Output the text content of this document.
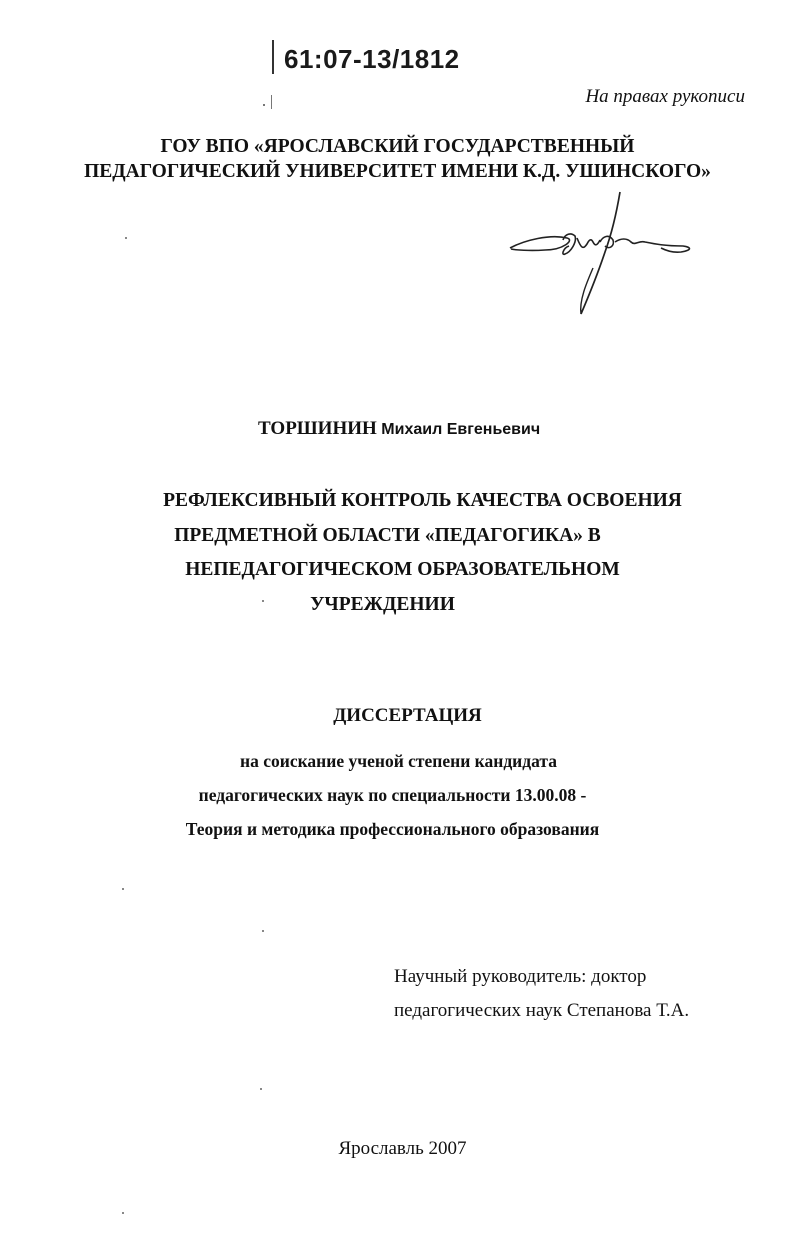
61:07-13/1812
На правах рукописи
ГОУ ВПО «ЯРОСЛАВСКИЙ ГОСУДАРСТВЕННЫЙ
ПЕДАГОГИЧЕСКИЙ УНИВЕРСИТЕТ ИМЕНИ К.Д. УШИНСКОГО»
ТОРШИНИН Михаил Евгеньевич
РЕФЛЕКСИВНЫЙ КОНТРОЛЬ КАЧЕСТВА ОСВОЕНИЯ
ПРЕДМЕТНОЙ ОБЛАСТИ «ПЕДАГОГИКА» В
НЕПЕДАГОГИЧЕСКОМ ОБРАЗОВАТЕЛЬНОМ
УЧРЕЖДЕНИИ
ДИССЕРТАЦИЯ
на соискание ученой степени кандидата
педагогических наук по специальности 13.00.08 -
Теория и методика профессионального образования
Научный руководитель: доктор
педагогических наук Степанова Т.А.
Ярославль 2007
